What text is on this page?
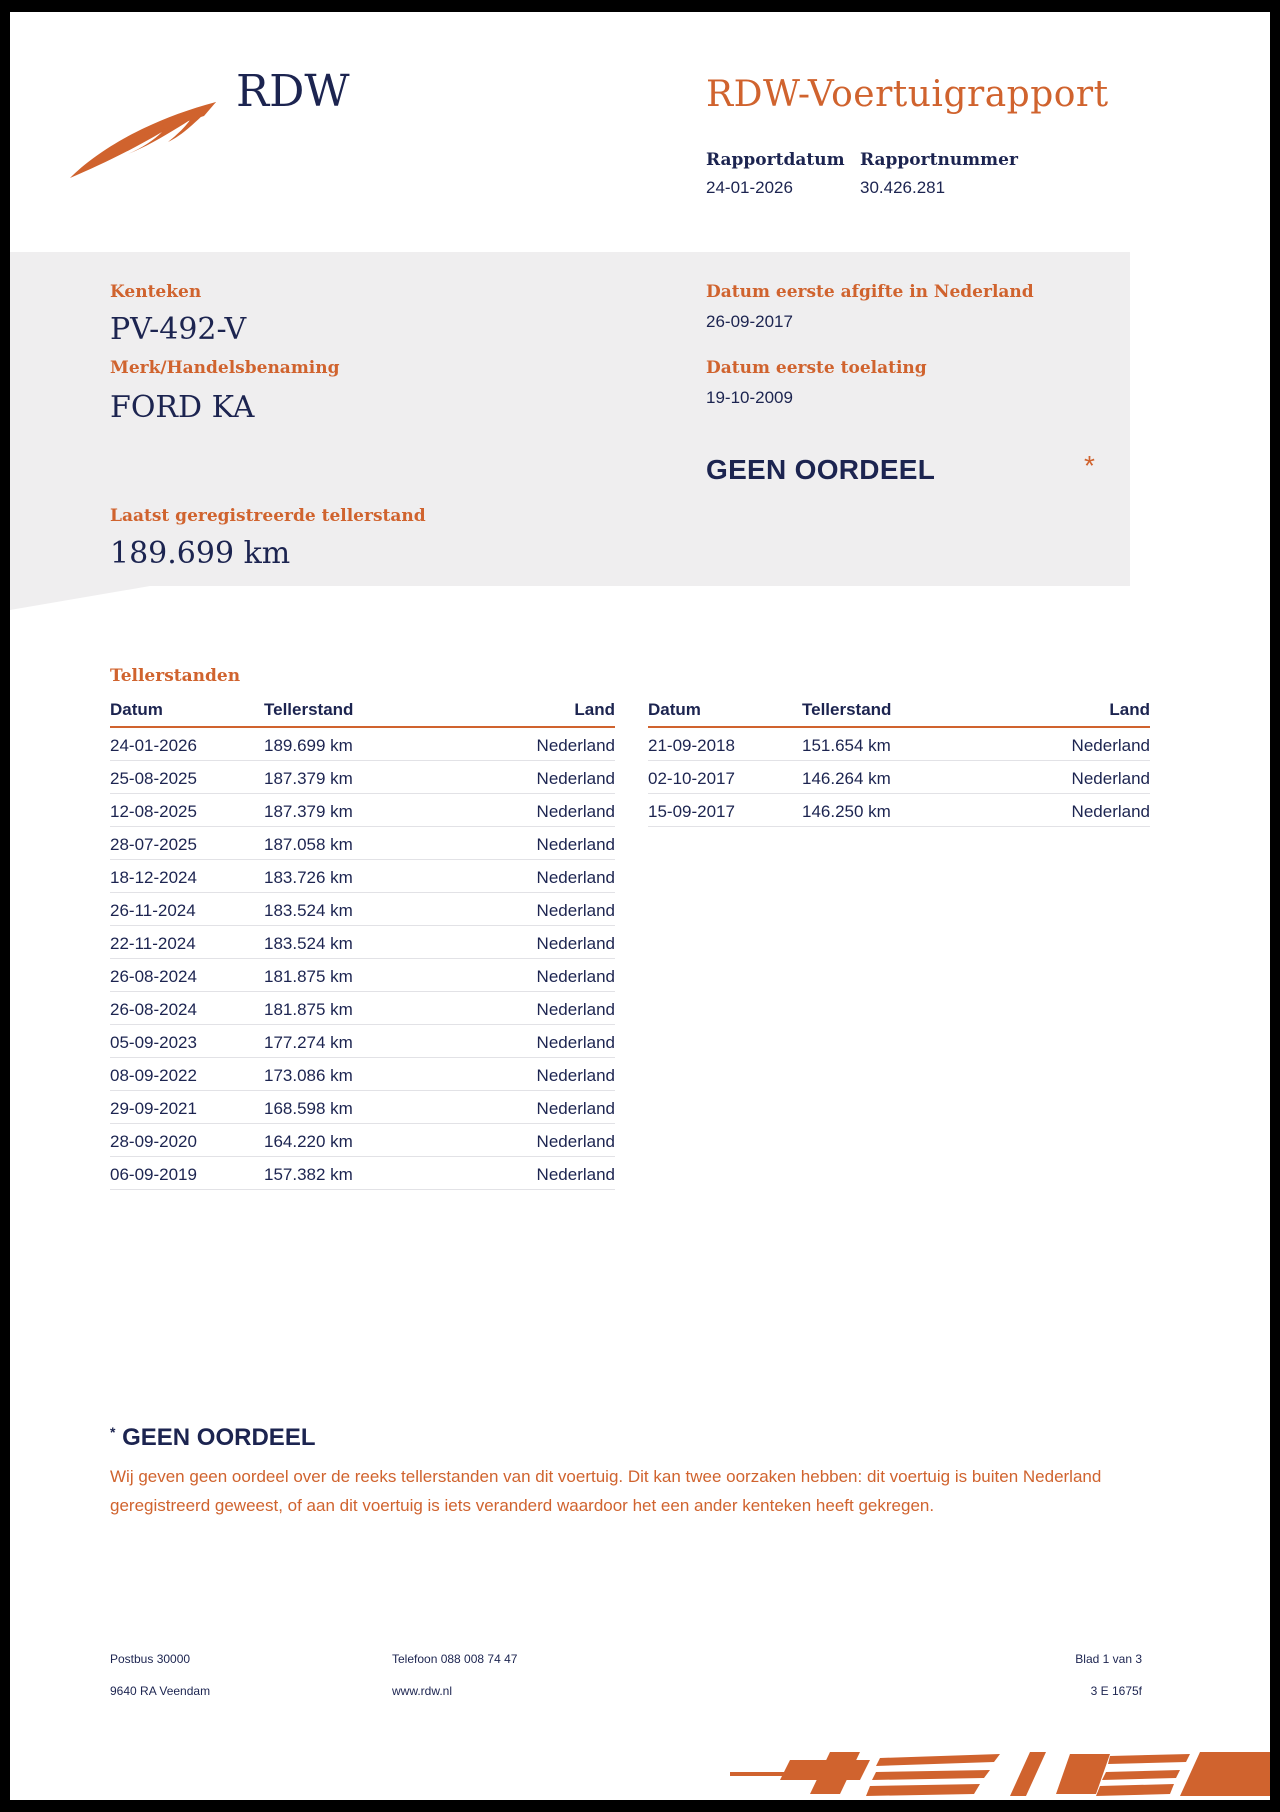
RDW	RDW-Voertuigrapport
Rapportdatum
24-01-2026
Rapportnummer
30.426.281
Kenteken
PV-492-V
Merk/Handelsbenaming
FORD KA
Datum eerste afgifte in Nederland
26-09-2017
Datum eerste toelating
19-10-2009
GEEN OORDEEL	*
Laatst geregistreerde tellerstand
189.699 km
Tellerstanden
Datum	Tellerstand	Land
24-01-2026	189.699 km	Nederland
25-08-2025	187.379 km	Nederland
12-08-2025	187.379 km	Nederland
28-07-2025	187.058 km	Nederland
18-12-2024	183.726 km	Nederland
26-11-2024	183.524 km	Nederland
22-11-2024	183.524 km	Nederland
26-08-2024	181.875 km	Nederland
26-08-2024	181.875 km	Nederland
05-09-2023	177.274 km	Nederland
08-09-2022	173.086 km	Nederland
29-09-2021	168.598 km	Nederland
28-09-2020	164.220 km	Nederland
06-09-2019	157.382 km	Nederland
Datum	Tellerstand	Land
21-09-2018	151.654 km	Nederland
02-10-2017	146.264 km	Nederland
15-09-2017	146.250 km	Nederland
* GEEN OORDEEL
Wij geven geen oordeel over de reeks tellerstanden van dit voertuig. Dit kan twee oorzaken hebben: dit voertuig is buiten Nederland geregistreerd geweest, of aan dit voertuig is iets veranderd waardoor het een ander kenteken heeft gekregen.
Postbus 30000
9640 RA Veendam
Telefoon 088 008 74 47
www.rdw.nl
Blad 1 van 3
3 E 1675f
